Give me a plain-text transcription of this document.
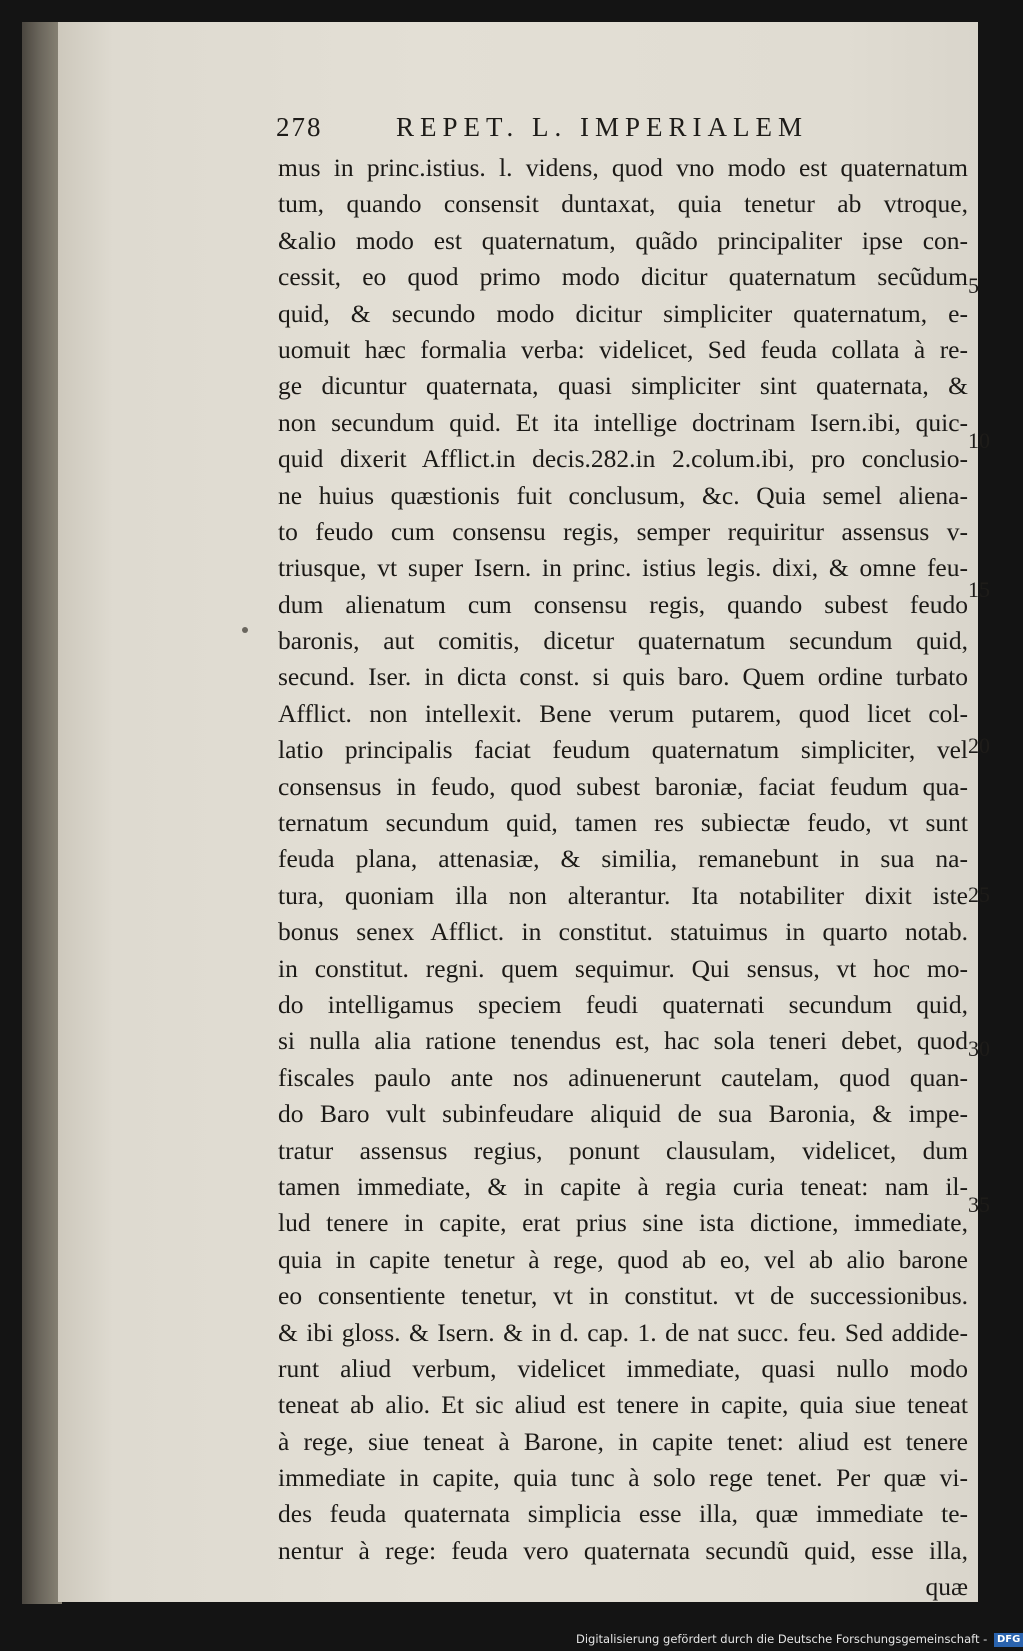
278	REPET. L. IMPERIALEM
mus in princ.istius. l. videns, quod vno modo est quaternatum
tum, quando consensit duntaxat, quia tenetur ab vtroque,
&alio modo est quaternatum, quãdo principaliter ipse con-
cessit, eo quod primo modo dicitur quaternatum secũdum
quid, & secundo modo dicitur simpliciter quaternatum, e-
uomuit hæc formalia verba: videlicet, Sed feuda collata à re-
ge dicuntur quaternata, quasi simpliciter sint quaternata, &
non secundum quid. Et ita intellige doctrinam Isern.ibi, quic-
quid dixerit Afflict.in decis.282.in 2.colum.ibi, pro conclusio-
ne huius quæstionis fuit conclusum, &c. Quia semel aliena-
to feudo cum consensu regis, semper requiritur assensus v-
triusque, vt super Isern. in princ. istius legis. dixi, & omne feu-
dum alienatum cum consensu regis, quando subest feudo
baronis, aut comitis, dicetur quaternatum secundum quid,
secund. Iser. in dicta const. si quis baro. Quem ordine turbato
Afflict. non intellexit. Bene verum putarem, quod licet col-
latio principalis faciat feudum quaternatum simpliciter, vel
consensus in feudo, quod subest baroniæ, faciat feudum qua-
ternatum secundum quid, tamen res subiectæ feudo, vt sunt
feuda plana, attenasiæ, & similia, remanebunt in sua na-
tura, quoniam illa non alterantur. Ita notabiliter dixit iste
bonus senex Afflict. in constitut. statuimus in quarto notab.
in constitut. regni. quem sequimur. Qui sensus, vt hoc mo-
do intelligamus speciem feudi quaternati secundum quid,
si nulla alia ratione tenendus est, hac sola teneri debet, quod
fiscales paulo ante nos adinuenerunt cautelam, quod quan-
do Baro vult subinfeudare aliquid de sua Baronia, & impe-
tratur assensus regius, ponunt clausulam, videlicet, dum
tamen immediate, & in capite à regia curia teneat: nam il-
lud tenere in capite, erat prius sine ista dictione, immediate,
quia in capite tenetur à rege, quod ab eo, vel ab alio barone
eo consentiente tenetur, vt in constitut. vt de successionibus.
& ibi gloss. & Isern. & in d. cap. 1. de nat succ. feu. Sed addide-
runt aliud verbum, videlicet immediate, quasi nullo modo
teneat ab alio. Et sic aliud est tenere in capite, quia siue teneat
à rege, siue teneat à Barone, in capite tenet: aliud est tenere
immediate in capite, quia tunc à solo rege tenet. Per quæ vi-
des feuda quaternata simplicia esse illa, quæ immediate te-
nentur à rege: feuda vero quaternata secundũ quid, esse illa,
quæ
5
10
15
20
25
30
35
Digitalisierung gefördert durch die Deutsche Forschungsgemeinschaft - DFG
